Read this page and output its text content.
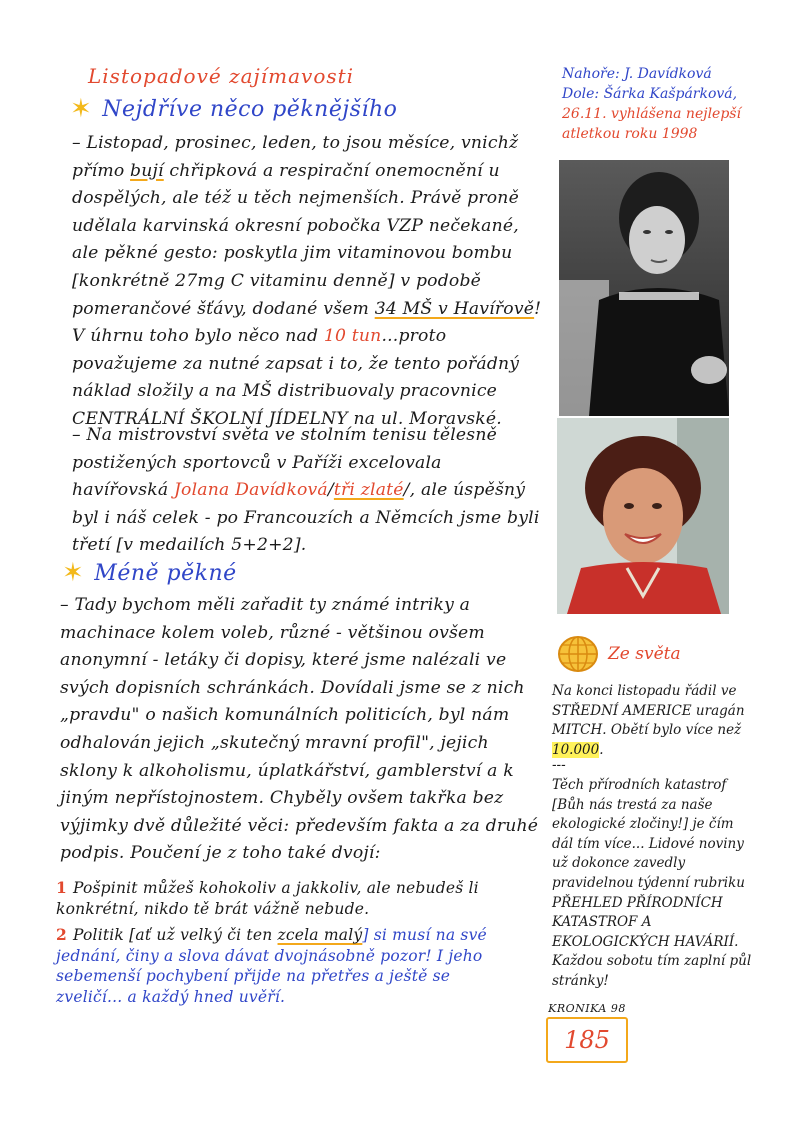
Listopadové zajímavosti
✶ Nejdříve něco pěknějšího

– Listopad, prosinec, leden, to jsou měsíce, vnichž přímo bují chřipková a respirační onemocnění u dospělých, ale též u těch nejmenších. Právě proně udělala karvinská okresní pobočka VZP nečekané, ale pěkné gesto: poskytla jim vitaminovou bombu [konkrétně 27mg C vitaminu denně] v podobě pomerančové šťávy, dodané všem 34 MŠ v Havířově! V úhrnu toho bylo něco nad 10 tun...proto považujeme za nutné zapsat i to, že tento pořádný náklad složily a na MŠ distribuovaly pracovnice CENTRÁLNÍ ŠKOLNÍ JÍDELNY na ul. Moravské.

– Na mistrovství světa ve stolním tenisu tělesně postižených sportovců v Paříži excelovala havířovská Jolana Davídková/tři zlaté/, ale úspěšný byl i náš celek - po Francouzích a Němcích jsme byli třetí [v medailích 5+2+2].

✶ Méně pěkné

– Tady bychom měli zařadit ty známé intriky a machinace kolem voleb, různé - většinou ovšem anonymní - letáky či dopisy, které jsme nalézali ve svých dopisních schránkách. Dovídali jsme se z nich „pravdu" o našich komunálních politicích, byl nám odhalován jejich „skutečný mravní profil", jejich sklony k alkoholismu, úplatkářství, gamblerství a k jiným nepřístojnostem. Chyběly ovšem takřka bez výjimky dvě důležité věci: především fakta a za druhé podpis. Poučení je z toho také dvojí:

1 Pošpinit můžeš kohokoliv a jakkoliv, ale nebudeš li konkrétní, nikdo tě brát vážně nebude.

2 Politik [ať už velký či ten zcela malý] si musí na své jednání, činy a slova dávat dvojnásobně pozor! I jeho sebemenší pochybení přijde na přetřes a ještě se zveličí... a každý hned uvěří.

Nahoře: J. Davídková
Dole: Šárka Kašpárková,
26.11. vyhlášena nejlepší atletkou roku 1998
Ze světa
Na konci listopadu řádil ve STŘEDNÍ AMERICE uragán MITCH. Obětí bylo více než 10.000.
---
Těch přírodních katastrof [Bůh nás trestá za naše ekologické zločiny!] je čím dál tím více... Lidové noviny už dokonce zavedly pravidelnou týdenní rubriku PŘEHLED PŘÍRODNÍCH KATASTROF A EKOLOGICKÝCH HAVÁRIÍ. Každou sobotu tím zaplní půl stránky!
KRONIKA 98
185
